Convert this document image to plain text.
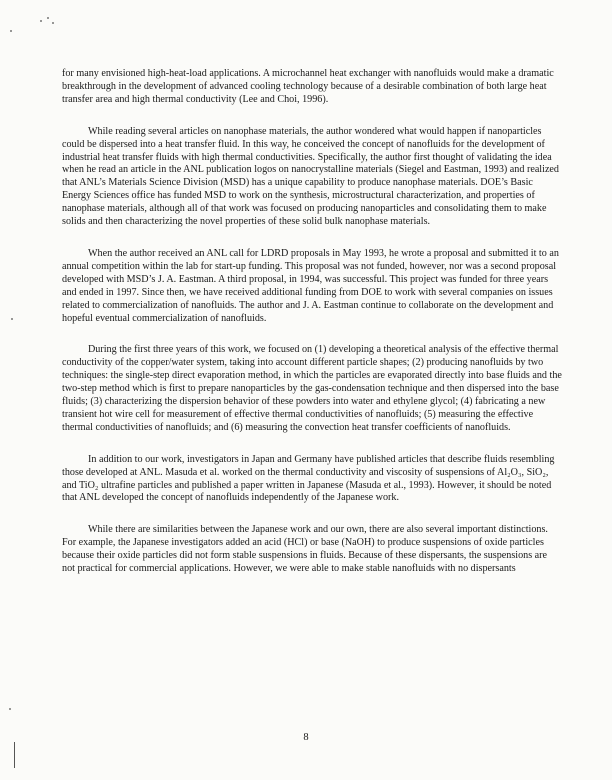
for many envisioned high-heat-load applications. A microchannel heat exchanger with nanofluids would make a dramatic breakthrough in the development of advanced cooling technology because of a desirable combination of both large heat transfer area and high thermal conductivity (Lee and Choi, 1996).

While reading several articles on nanophase materials, the author wondered what would happen if nanoparticles could be dispersed into a heat transfer fluid. In this way, he conceived the concept of nanofluids for the development of industrial heat transfer fluids with high thermal conductivities. Specifically, the author first thought of validating the idea when he read an article in the ANL publication logos on nanocrystalline materials (Siegel and Eastman, 1993) and realized that ANL’s Materials Science Division (MSD) has a unique capability to produce nanophase materials. DOE’s Basic Energy Sciences office has funded MSD to work on the synthesis, microstructural characterization, and properties of nanophase materials, although all of that work was focused on producing nanoparticles and consolidating them to make solids and then characterizing the novel properties of these solid bulk nanophase materials.

When the author received an ANL call for LDRD proposals in May 1993, he wrote a proposal and submitted it to an annual competition within the lab for start-up funding. This proposal was not funded, however, nor was a second proposal developed with MSD’s J. A. Eastman. A third proposal, in 1994, was successful. This project was funded for three years and ended in 1997. Since then, we have received additional funding from DOE to work with several companies on issues related to commercialization of nanofluids. The author and J. A. Eastman continue to collaborate on the development and hopeful eventual commercialization of nanofluids.

During the first three years of this work, we focused on (1) developing a theoretical analysis of the effective thermal conductivity of the copper/water system, taking into account different particle shapes; (2) producing nanofluids by two techniques: the single-step direct evaporation method, in which the particles are evaporated directly into base fluids and the two-step method which is first to prepare nanoparticles by the gas-condensation technique and then dispersed into the base fluids; (3) characterizing the dispersion behavior of these powders into water and ethylene glycol; (4) fabricating a new transient hot wire cell for measurement of effective thermal conductivities of nanofluids; (5) measuring the effective thermal conductivities of nanofluids; and (6) measuring the convection heat transfer coefficients of nanofluids.

In addition to our work, investigators in Japan and Germany have published articles that describe fluids resembling those developed at ANL. Masuda et al. worked on the thermal conductivity and viscosity of suspensions of Al₂O₃, SiO₂, and TiO₂ ultrafine particles and published a paper written in Japanese (Masuda et al., 1993). However, it should be noted that ANL developed the concept of nanofluids independently of the Japanese work.

While there are similarities between the Japanese work and our own, there are also several important distinctions. For example, the Japanese investigators added an acid (HCl) or base (NaOH) to produce suspensions of oxide particles because their oxide particles did not form stable suspensions in fluids. Because of these dispersants, the suspensions are not practical for commercial applications. However, we were able to make stable nanofluids with no dispersants

8
